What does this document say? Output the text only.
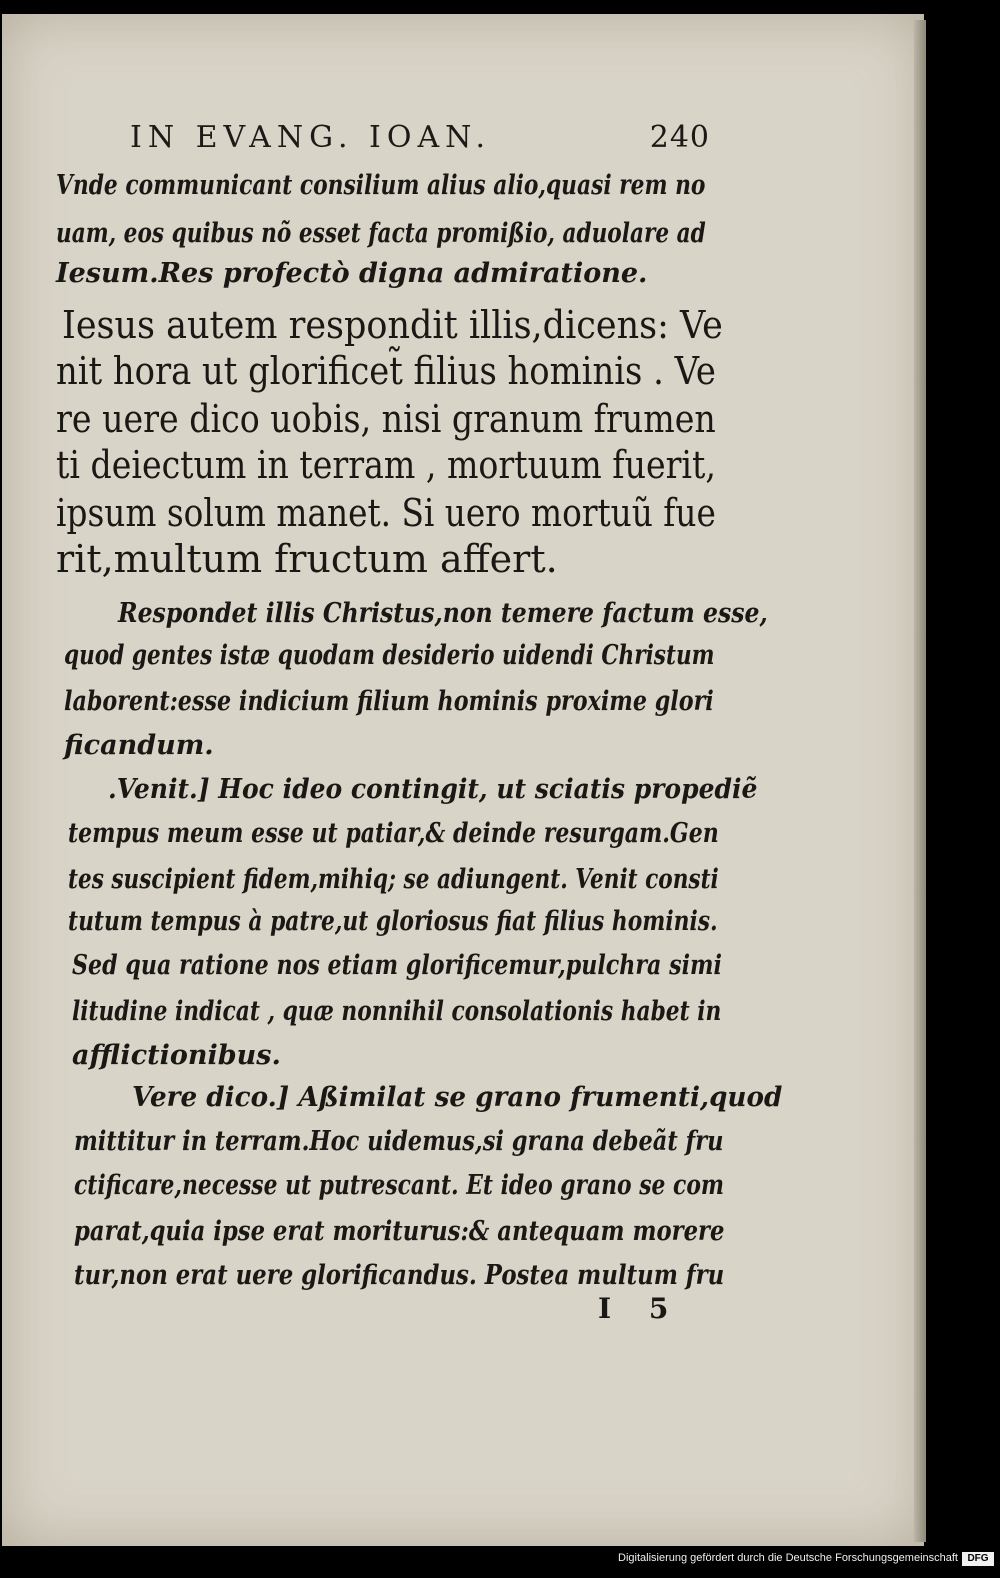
IN EVANG. IOAN.	240
Vnde communicant consilium alius alio,quasi rem no
uam, eos quibus nõ esset facta promißio, aduolare ad
Iesum.Res profectò digna admiratione.
Iesus autem respondit illis,dicens: Ve
nit hora ut glorificet̃ filius hominis . Ve
re uere dico uobis, nisi granum frumen
ti deiectum in terram , mortuum fuerit,
ipsum solum manet. Si uero mortuũ fue
rit,multum fructum affert.
Respondet illis Christus,non temere factum esse,
quod gentes istæ quodam desiderio uidendi Christum
laborent:esse indicium filium hominis proxime glori
ficandum.
.Venit.] Hoc ideo contingit, ut sciatis propediẽ
tempus meum esse ut patiar,& deinde resurgam.Gen
tes suscipient fidem,mihiq; se adiungent. Venit consti
tutum tempus à patre,ut gloriosus fiat filius hominis.
Sed qua ratione nos etiam glorificemur,pulchra simi
litudine indicat , quæ nonnihil consolationis habet in
afflictionibus.
Vere dico.] Aßimilat se grano frumenti,quod
mittitur in terram.Hoc uidemus,si grana debeãt fru
ctificare,necesse ut putrescant. Et ideo grano se com
parat,quia ipse erat moriturus:& antequam morere
tur,non erat uere glorificandus. Postea multum fru
I 5
Digitalisierung gefördert durch die Deutsche Forschungsgemeinschaft DFG
